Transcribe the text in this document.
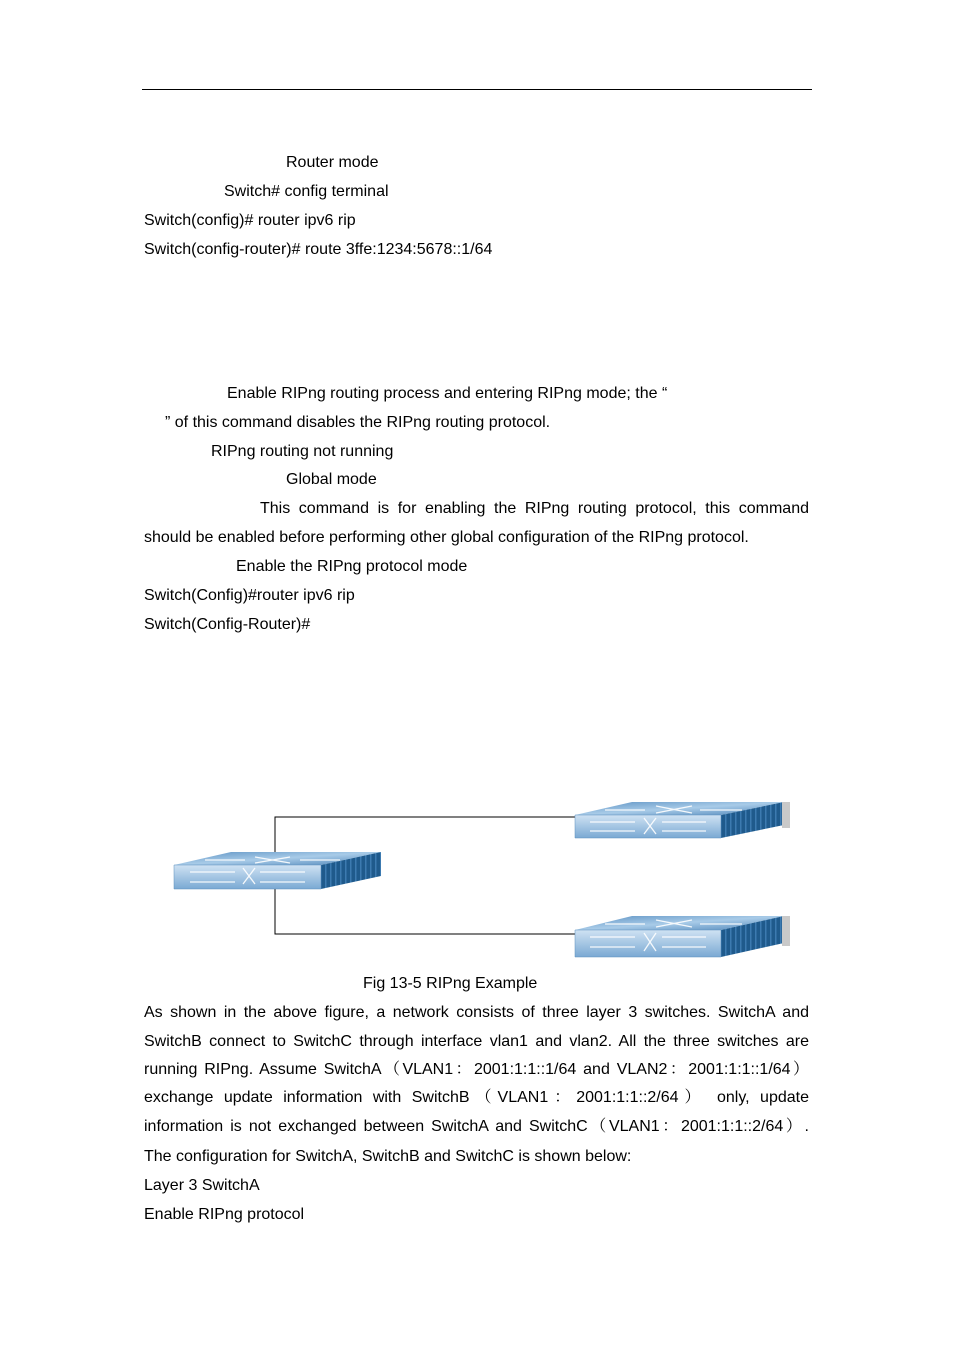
Router mode
Switch# config terminal
Switch(config)# router ipv6 rip
Switch(config-router)# route 3ffe:1234:5678::1/64
Enable RIPng routing process and entering RIPng mode; the “
” of this command disables the RIPng routing protocol.
RIPng routing not running
Global mode
This command is for enabling the RIPng routing protocol, this command
should be enabled before performing other global configuration of the RIPng protocol.
Enable the RIPng protocol mode
Switch(Config)#router ipv6 rip
Switch(Config-Router)#
Fig 13-5 RIPng Example
As shown in the above figure, a network consists of three layer 3 switches. SwitchA and
SwitchB connect to SwitchC through interface vlan1 and vlan2. All the three switches are
running RIPng. Assume SwitchA（VLAN1：2001:1:1::1/64 and VLAN2：2001:1:1::1/64）
exchange update information with SwitchB（VLAN1：2001:1:1::2/64） only, update
information is not exchanged between SwitchA and SwitchC（VLAN1：2001:1:1::2/64）.
The configuration for SwitchA, SwitchB and SwitchC is shown below:
Layer 3 SwitchA
Enable RIPng protocol
